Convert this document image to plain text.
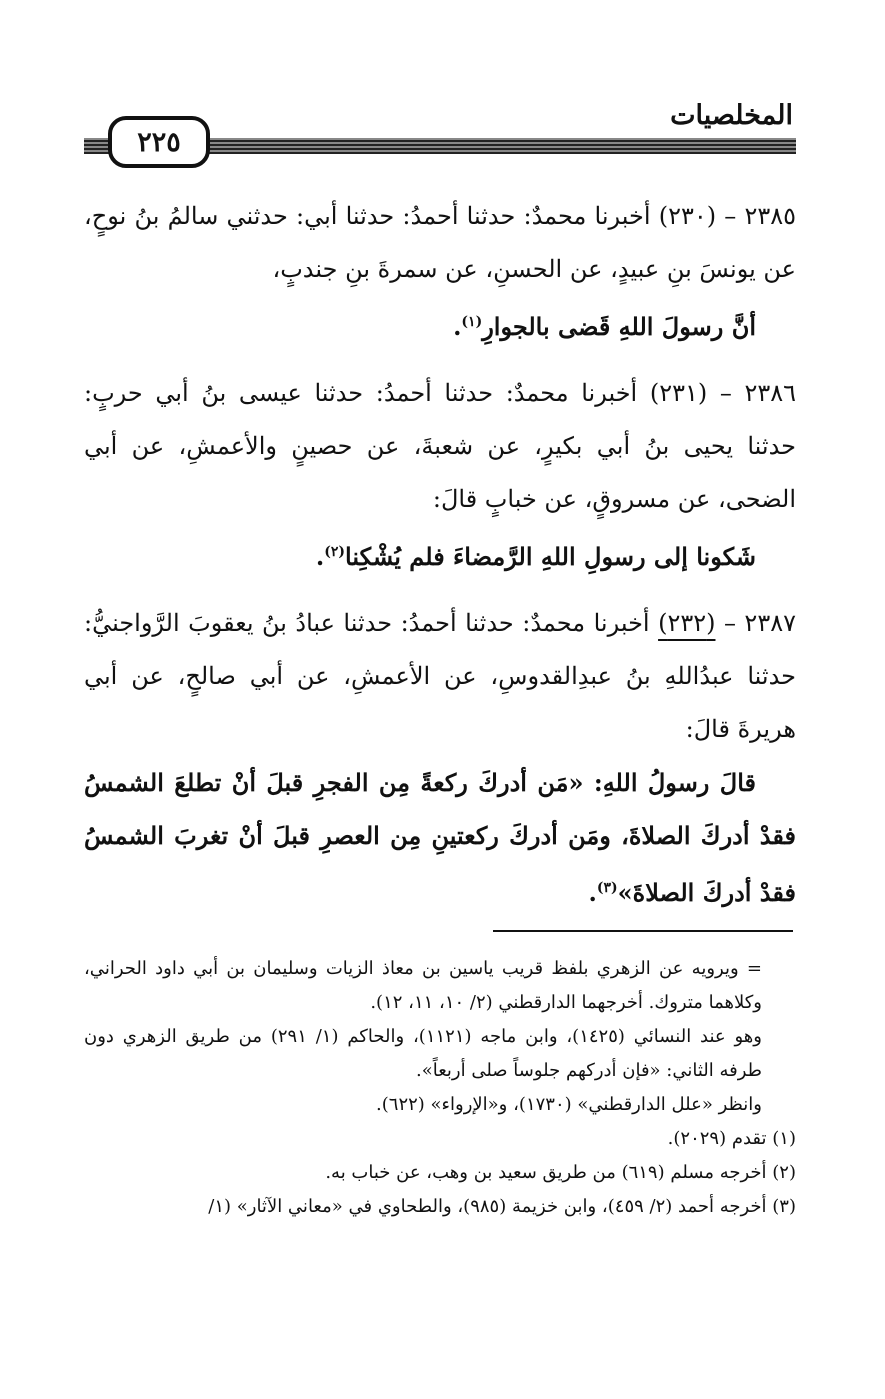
المخلصيات
٢٢٥

٢٣٨٥ – (٢٣٠) أخبرنا محمدٌ: حدثنا أحمدُ: حدثنا أبي: حدثني سالمُ بنُ نوحٍ، عن يونسَ بنِ عبيدٍ، عن الحسنِ، عن سمرةَ بنِ جندبٍ،

أنَّ رسولَ اللهِ قَضى بالجوارِ$^{(١)}$.

٢٣٨٦ – (٢٣١) أخبرنا محمدٌ: حدثنا أحمدُ: حدثنا عيسى بنُ أبي حربٍ: حدثنا يحيى بنُ أبي بكيرٍ، عن شعبةَ، عن حصينٍ والأعمشِ، عن أبي الضحى، عن مسروقٍ، عن خبابٍ قالَ:

شَكونا إلى رسولِ اللهِ الرَّمضاءَ فلم يُشْكِنا$^{(٢)}$.

٢٣٨٧ – (٢٣٢) أخبرنا محمدٌ: حدثنا أحمدُ: حدثنا عبادُ بنُ يعقوبَ الرَّواجنيُّ: حدثنا عبدُاللهِ بنُ عبدِالقدوسِ، عن الأعمشِ، عن أبي صالحٍ، عن أبي هريرةَ قالَ:

قالَ رسولُ اللهِ: «مَن أدركَ ركعةً مِن الفجرِ قبلَ أنْ تطلعَ الشمسُ فقدْ أدركَ الصلاةَ، ومَن أدركَ ركعتينِ مِن العصرِ قبلَ أنْ تغربَ الشمسُ فقدْ أدركَ الصلاةَ»$^{(٣)}$.

= ويرويه عن الزهري بلفظ قريب ياسين بن معاذ الزيات وسليمان بن أبي داود الحراني، وكلاهما متروك. أخرجهما الدارقطني (٢/ ١٠، ١١، ١٢).

وهو عند النسائي (١٤٢٥)، وابن ماجه (١١٢١)، والحاكم (١/ ٢٩١) من طريق الزهري دون طرفه الثاني: «فإن أدركهم جلوساً صلى أربعاً».

وانظر «علل الدارقطني» (١٧٣٠)، و«الإرواء» (٦٢٢).

(١) تقدم (٢٠٢٩).

(٢) أخرجه مسلم (٦١٩) من طريق سعيد بن وهب، عن خباب به.

(٣) أخرجه أحمد (٢/ ٤٥٩)، وابن خزيمة (٩٨٥)، والطحاوي في «معاني الآثار» (١/
